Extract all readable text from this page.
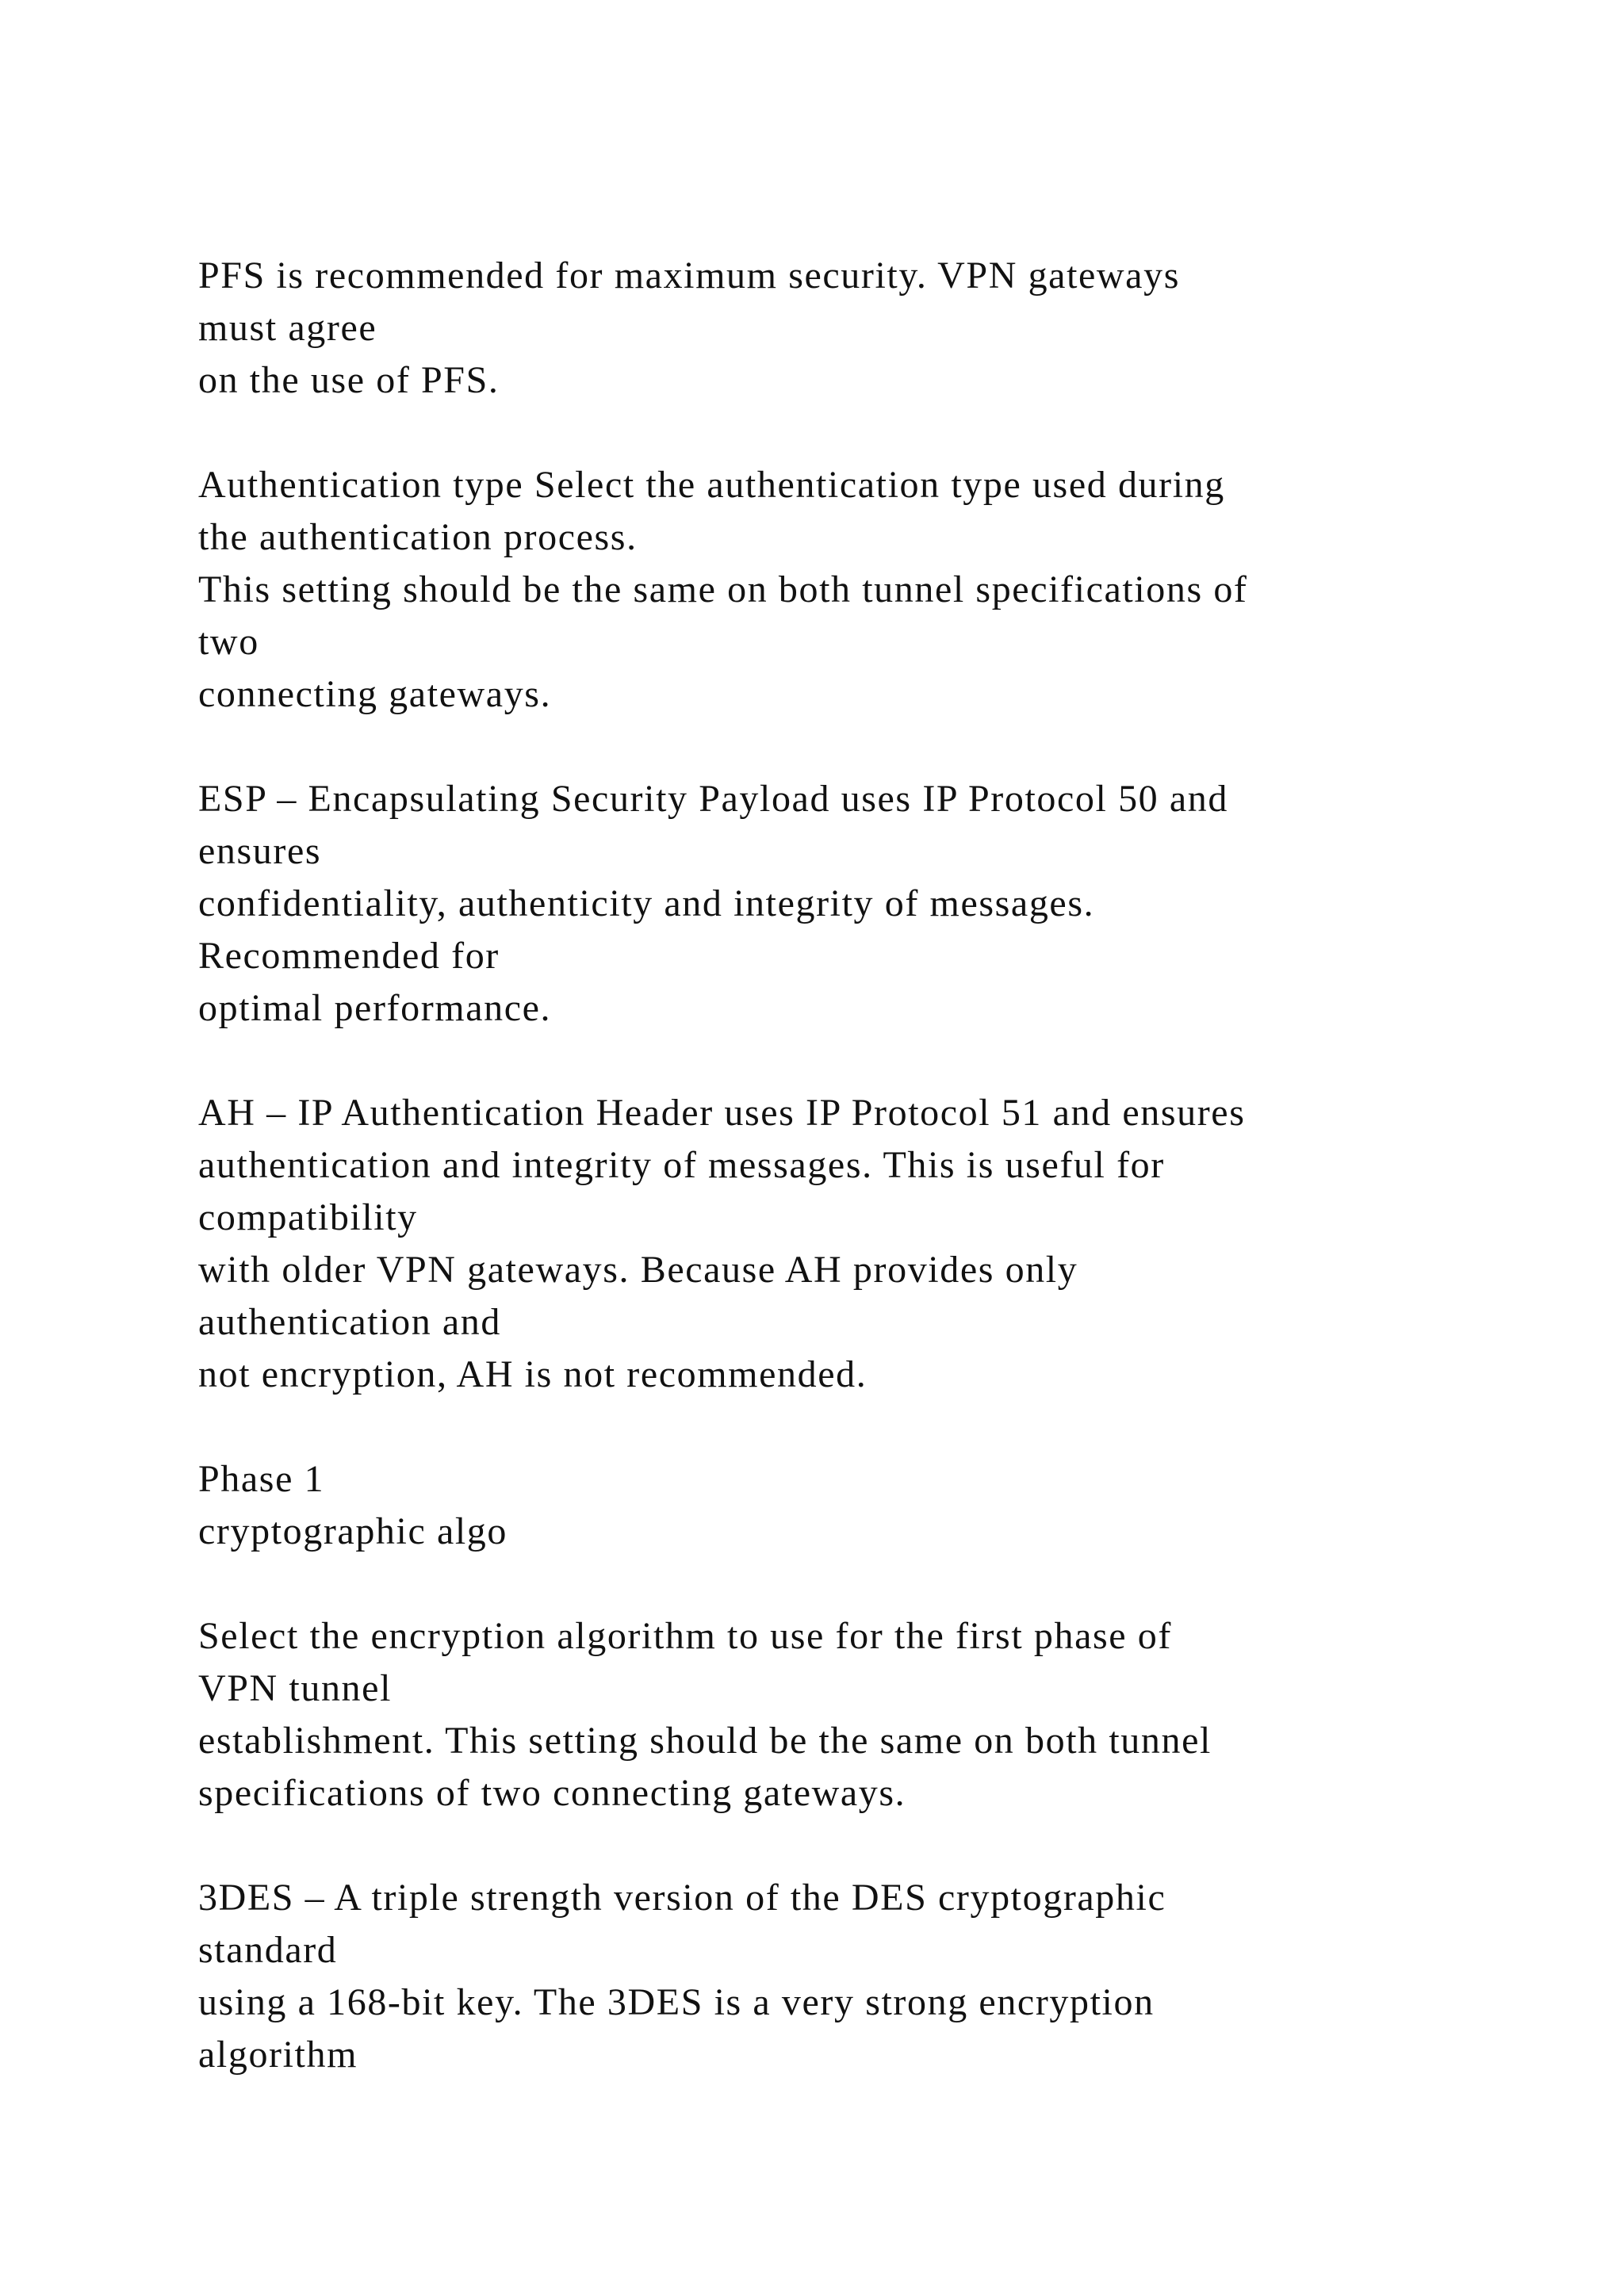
PFS is recommended for maximum security. VPN gateways
must agree
on the use of PFS.
Authentication type Select the authentication type used during
the authentication process.
This setting should be the same on both tunnel specifications of
two
connecting gateways.
ESP – Encapsulating Security Payload uses IP Protocol 50 and
ensures
confidentiality, authenticity and integrity of messages.
Recommended for
optimal performance.
AH – IP Authentication Header uses IP Protocol 51 and ensures
authentication and integrity of messages. This is useful for
compatibility
with older VPN gateways. Because AH provides only
authentication and
not encryption, AH is not recommended.
Phase 1
cryptographic algo
Select the encryption algorithm to use for the first phase of
VPN tunnel
establishment. This setting should be the same on both tunnel
specifications of two connecting gateways.
3DES – A triple strength version of the DES cryptographic
standard
using a 168-bit key. The 3DES is a very strong encryption
algorithm
